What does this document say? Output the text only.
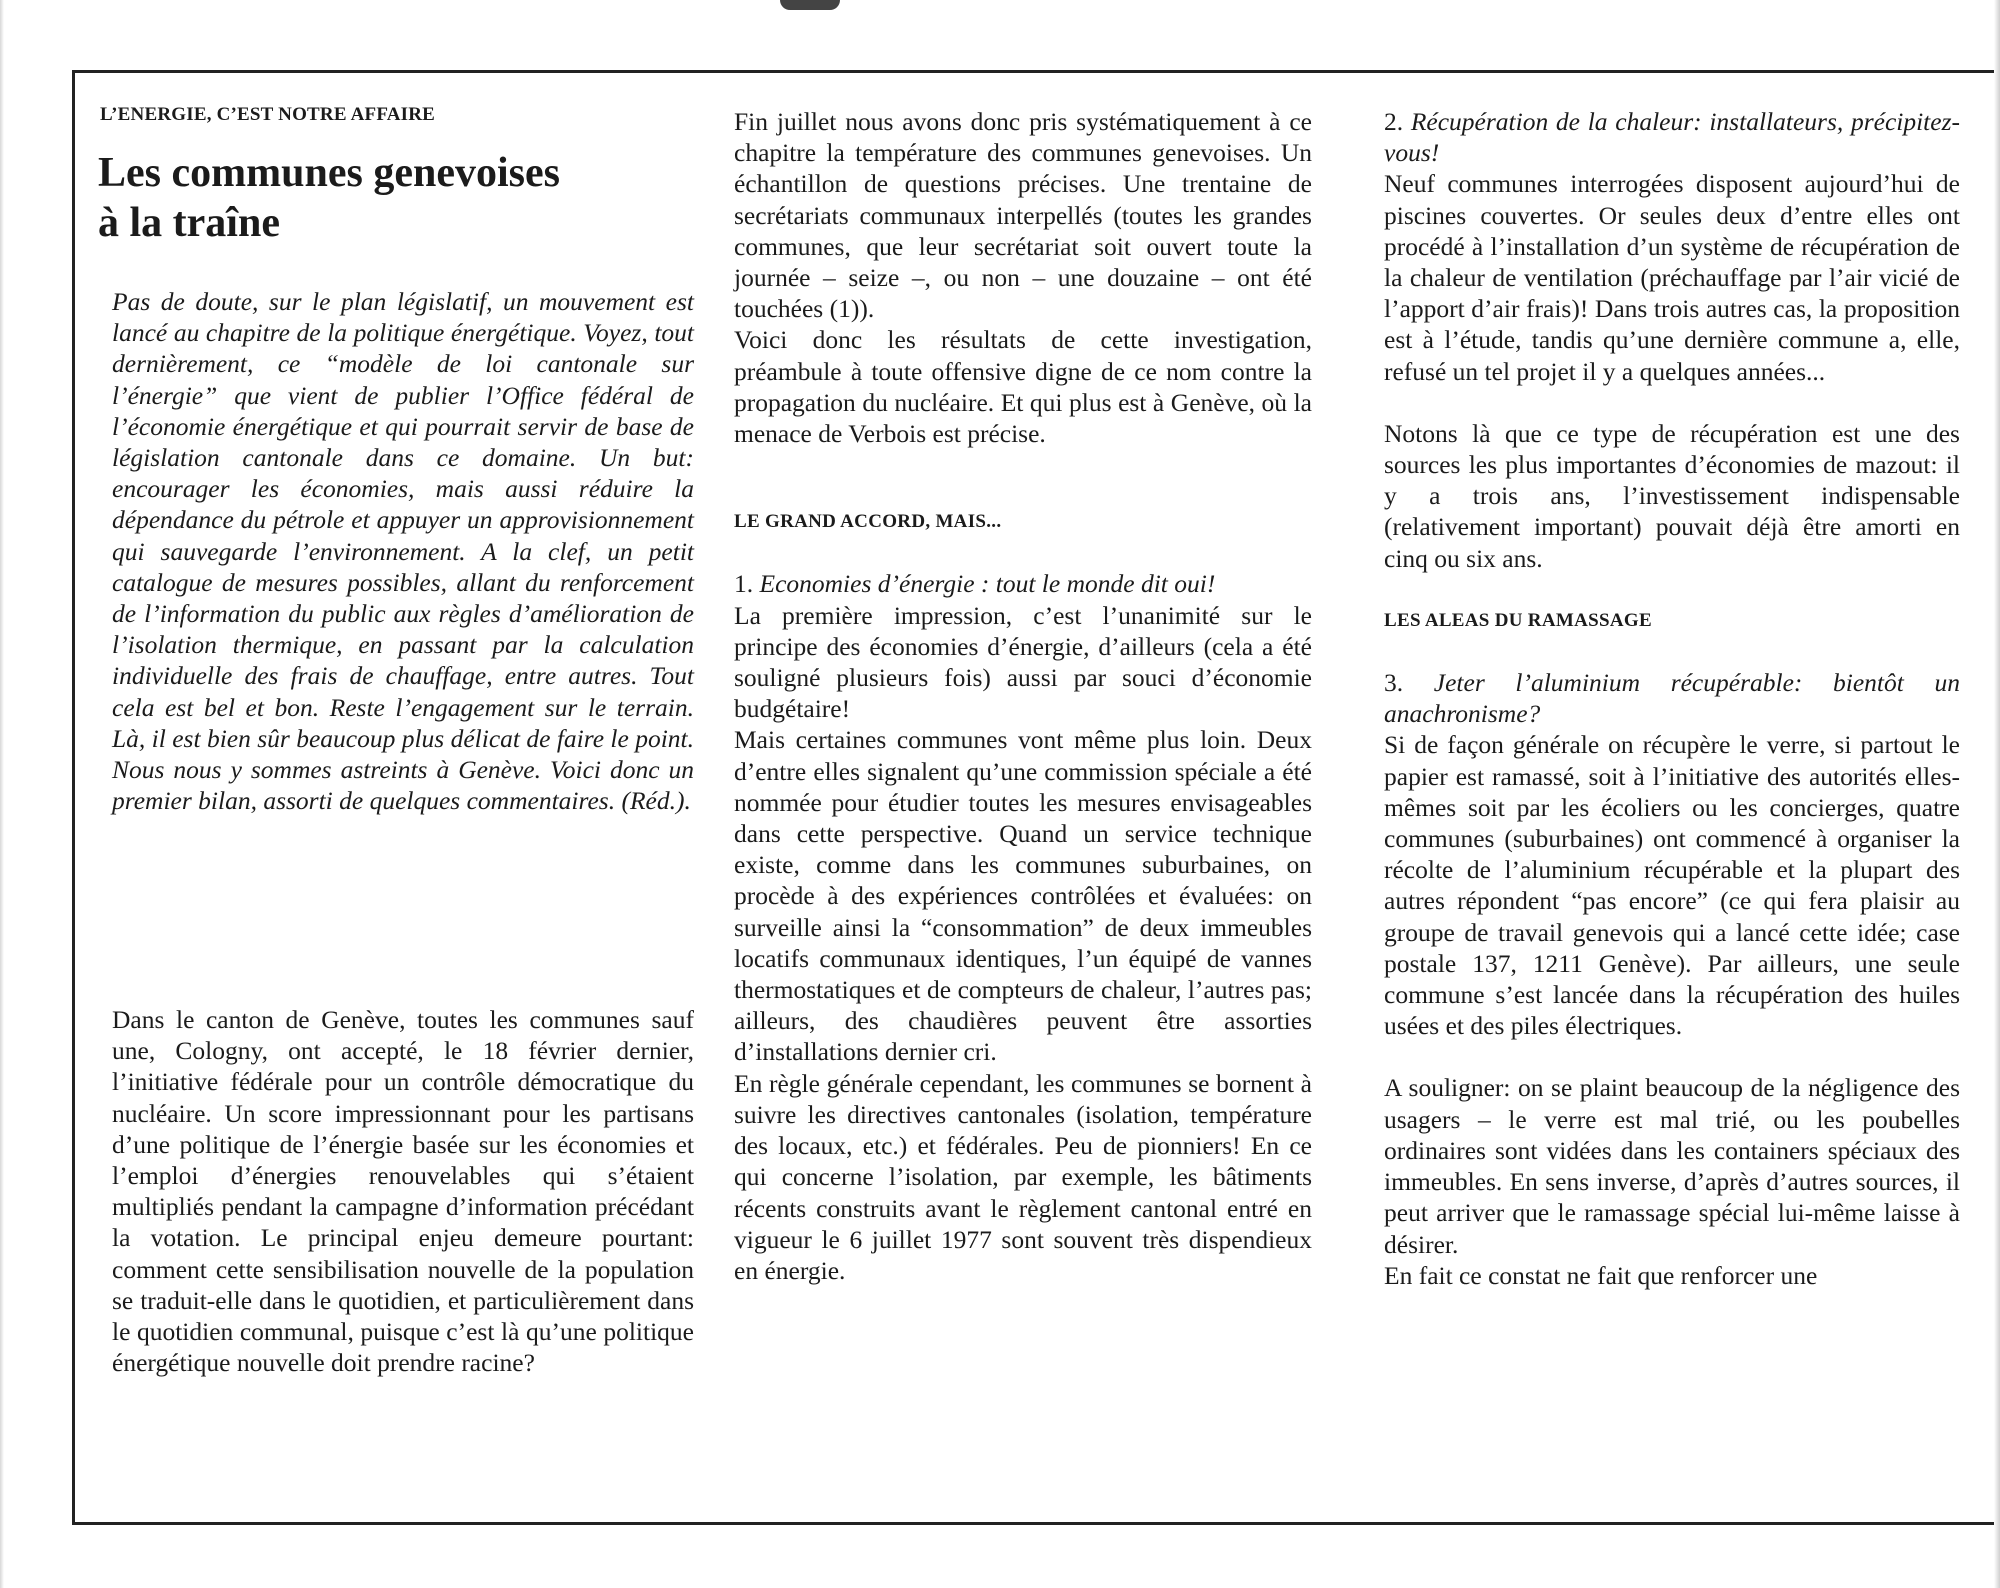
L’ENERGIE, C’EST NOTRE AFFAIRE
Les communes genevoises
à la traîne

Pas de doute, sur le plan législatif, un mouvement est lancé au chapitre de la politique énergétique. Voyez, tout dernièrement, ce “modèle de loi cantonale sur l’énergie” que vient de publier l’Office fédéral de l’économie énergétique et qui pourrait servir de base de législation cantonale dans ce domaine. Un but: encourager les économies, mais aussi réduire la dépendance du pétrole et appuyer un approvisionnement qui sauvegarde l’environnement. A la clef, un petit catalogue de mesures possibles, allant du renforcement de l’information du public aux règles d’amélioration de l’isolation thermique, en passant par la calculation individuelle des frais de chauffage, entre autres. Tout cela est bel et bon. Reste l’engagement sur le terrain. Là, il est bien sûr beaucoup plus délicat de faire le point. Nous nous y sommes astreints à Genève. Voici donc un premier bilan, assorti de quelques commentaires. (Réd.).

Dans le canton de Genève, toutes les communes sauf une, Cologny, ont accepté, le 18 février dernier, l’initiative fédérale pour un contrôle démocratique du nucléaire. Un score impressionnant pour les partisans d’une politique de l’énergie basée sur les économies et l’emploi d’énergies renouvelables qui s’étaient multipliés pendant la campagne d’information précédant la votation. Le principal enjeu demeure pourtant: comment cette sensibilisation nouvelle de la population se traduit-elle dans le quotidien, et particulièrement dans le quotidien communal, puisque c’est là qu’une politique énergétique nouvelle doit prendre racine?

Fin juillet nous avons donc pris systématiquement à ce chapitre la température des communes genevoises. Un échantillon de questions précises. Une trentaine de secrétariats communaux interpellés (toutes les grandes communes, que leur secrétariat soit ouvert toute la journée – seize –, ou non – une douzaine – ont été touchées (1)).

Voici donc les résultats de cette investigation, préambule à toute offensive digne de ce nom contre la propagation du nucléaire. Et qui plus est à Genève, où la menace de Verbois est précise.

LE GRAND ACCORD, MAIS...

1. Economies d’énergie : tout le monde dit oui!

La première impression, c’est l’unanimité sur le principe des économies d’énergie, d’ailleurs (cela a été souligné plusieurs fois) aussi par souci d’économie budgétaire!

Mais certaines communes vont même plus loin. Deux d’entre elles signalent qu’une commission spéciale a été nommée pour étudier toutes les mesures envisageables dans cette perspective. Quand un service technique existe, comme dans les communes suburbaines, on procède à des expériences contrôlées et évaluées: on surveille ainsi la “consommation” de deux immeubles locatifs communaux identiques, l’un équipé de vannes thermostatiques et de compteurs de chaleur, l’autres pas; ailleurs, des chaudières peuvent être assorties d’installations dernier cri.

En règle générale cependant, les communes se bornent à suivre les directives cantonales (isolation, température des locaux, etc.) et fédérales. Peu de pionniers! En ce qui concerne l’isolation, par exemple, les bâtiments récents construits avant le règlement cantonal entré en vigueur le 6 juillet 1977 sont souvent très dispendieux en énergie.

2. Récupération de la chaleur: installateurs, précipitez-vous!

Neuf communes interrogées disposent aujourd’hui de piscines couvertes. Or seules deux d’entre elles ont procédé à l’installation d’un système de récupération de la chaleur de ventilation (préchauffage par l’air vicié de l’apport d’air frais)! Dans trois autres cas, la proposition est à l’étude, tandis qu’une dernière commune a, elle, refusé un tel projet il y a quelques années...

Notons là que ce type de récupération est une des sources les plus importantes d’économies de mazout: il y a trois ans, l’investissement indispensable (relativement important) pouvait déjà être amorti en cinq ou six ans.

LES ALEAS DU RAMASSAGE

3. Jeter l’aluminium récupérable: bientôt un anachronisme?

Si de façon générale on récupère le verre, si partout le papier est ramassé, soit à l’initiative des autorités elles-mêmes soit par les écoliers ou les concierges, quatre communes (suburbaines) ont commencé à organiser la récolte de l’aluminium récupérable et la plupart des autres répondent “pas encore” (ce qui fera plaisir au groupe de travail genevois qui a lancé cette idée; case postale 137, 1211 Genève). Par ailleurs, une seule commune s’est lancée dans la récupération des huiles usées et des piles électriques.

A souligner: on se plaint beaucoup de la négligence des usagers – le verre est mal trié, ou les poubelles ordinaires sont vidées dans les containers spéciaux des immeubles. En sens inverse, d’après d’autres sources, il peut arriver que le ramassage spécial lui-même laisse à désirer.

En fait ce constat ne fait que renforcer une
